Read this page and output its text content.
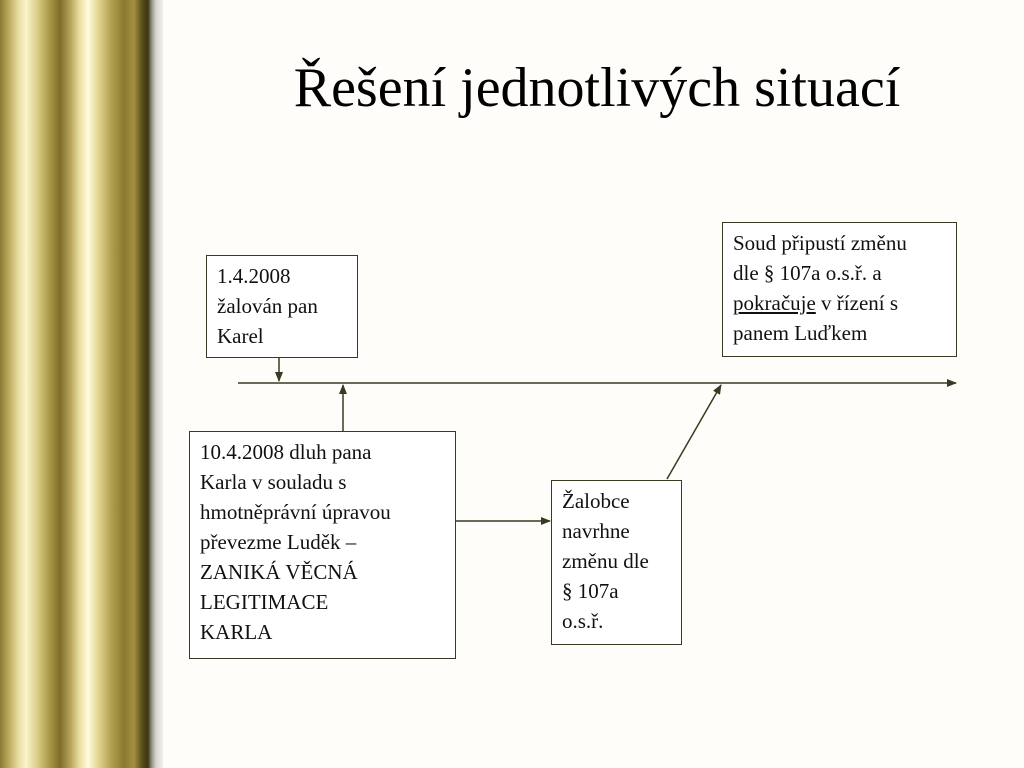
Řešení jednotlivých situací
1.4.2008
žalován pan
Karel
10.4.2008 dluh pana
Karla v souladu s
hmotněprávní úpravou
převezme Luděk –
ZANIKÁ VĚCNÁ
LEGITIMACE
KARLA
Žalobce
navrhne
změnu dle
§ 107a
o.s.ř.
Soud připustí změnu
dle § 107a o.s.ř. a
pokračuje v řízení s
panem Luďkem
